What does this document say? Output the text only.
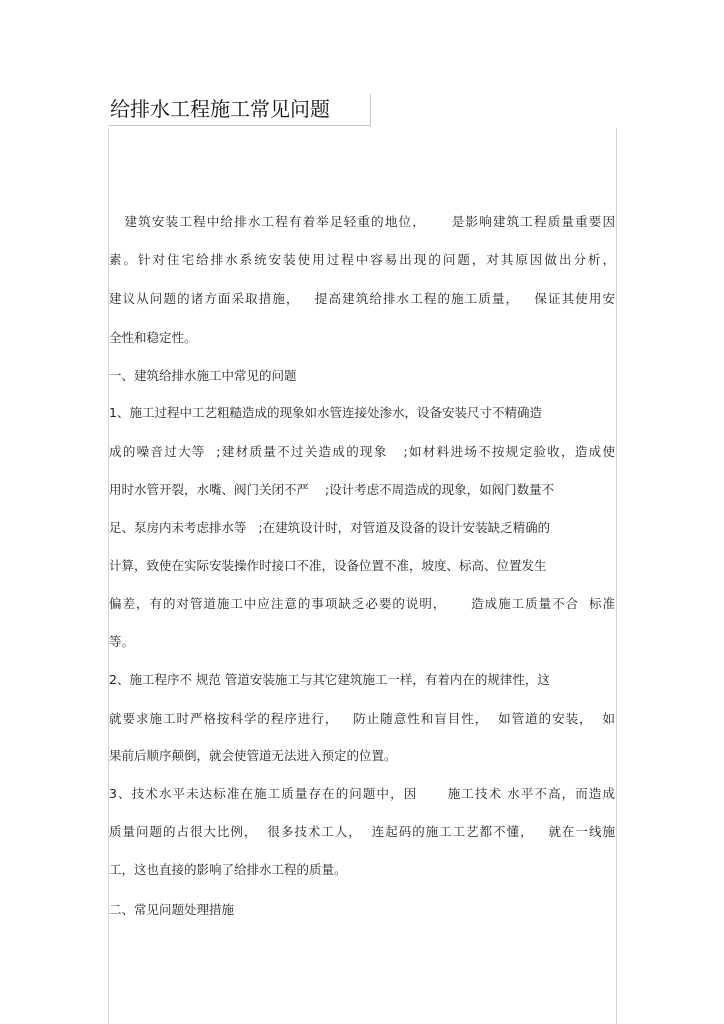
给排水工程施工常见问题
建筑安装工程中给排水工程有着举足轻重的地位，     是影响建筑工程质量重要因
素。针对住宅给排水系统安装使用过程中容易出现的问题，对其原因做出分析，
建议从问题的诸方面采取措施，   提高建筑给排水工程的施工质量，   保证其使用安
全性和稳定性。
一、建筑给排水施工中常见的问题
1、施工过程中工艺粗糙造成的现象如水管连接处渗水，设备安装尺寸不精确造
成的噪音过大等  ;建材质量不过关造成的现象   ;如材料进场不按规定验收，造成使
用时水管开裂，水嘴、阀门关闭不严    ;设计考虑不周造成的现象，如阀门数量不
足、泵房内未考虑排水等   ;在建筑设计时，对管道及设备的设计安装缺乏精确的
计算，致使在实际安装操作时接口不准，设备位置不准，坡度、标高、位置发生
偏差，有的对管道施工中应注意的事项缺乏必要的说明，     造成施工质量不合  标准
等。
2、施工程序不 规范 管道安装施工与其它建筑施工一样，有着内在的规律性，这
就要求施工时严格按科学的程序进行，   防止随意性和盲目性，  如管道的安装，  如
果前后顺序颠倒，就会使管道无法进入预定的位置。
3、技术水平未达标准在施工质量存在的问题中，因      施工技术 水平不高，而造成
质量问题的占很大比例，  很多技术工人，  连起码的施工工艺都不懂，   就在一线施
工，这也直接的影响了给排水工程的质量。
二、常见问题处理措施
